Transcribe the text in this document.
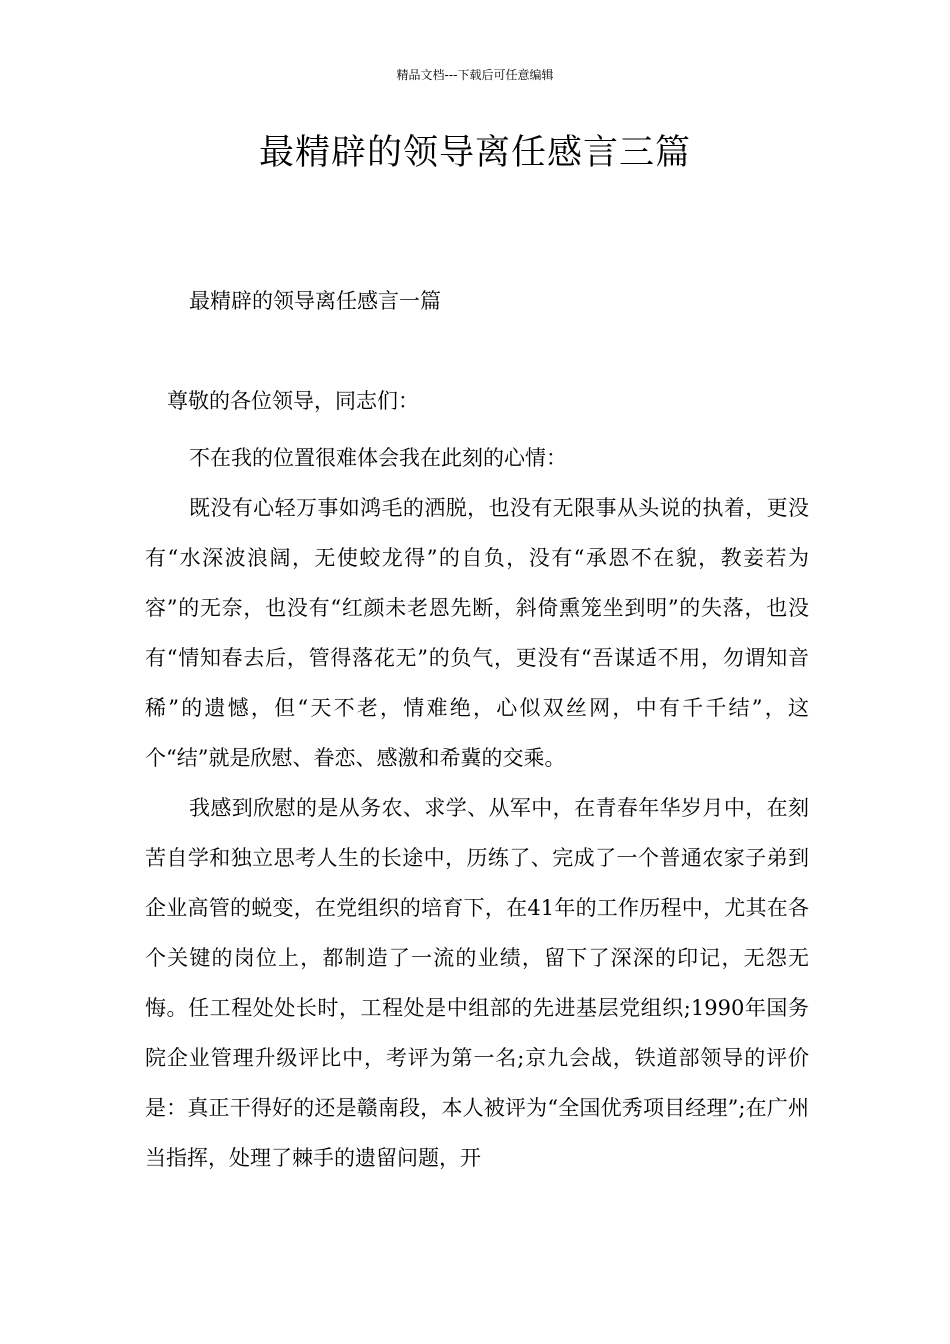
精品文档---下载后可任意编辑
最精辟的领导离任感言三篇
最精辟的领导离任感言一篇
尊敬的各位领导，同志们：

不在我的位置很难体会我在此刻的心情：

既没有心轻万事如鸿毛的洒脱，也没有无限事从头说的执着，更没有“水深波浪阔，无使蛟龙得”的自负，没有“承恩不在貌，教妾若为容”的无奈，也没有“红颜未老恩先断，斜倚熏笼坐到明”的失落，也没有“情知春去后，管得落花无”的负气，更没有“吾谋适不用，勿谓知音稀”的遗憾，但“天不老，情难绝，心似双丝网，中有千千结”，这个“结”就是欣慰、眷恋、感激和希冀的交乘。

我感到欣慰的是从务农、求学、从军中，在青春年华岁月中，在刻苦自学和独立思考人生的长途中，历练了、完成了一个普通农家子弟到企业高管的蜕变，在党组织的培育下，在41年的工作历程中，尤其在各个关键的岗位上，都制造了一流的业绩，留下了深深的印记，无怨无悔。任工程处处长时，工程处是中组部的先进基层党组织;1990年国务院企业管理升级评比中，考评为第一名;京九会战，铁道部领导的评价是：真正干得好的还是赣南段，本人被评为“全国优秀项目经理”;在广州当指挥，处理了棘手的遗留问题，开
